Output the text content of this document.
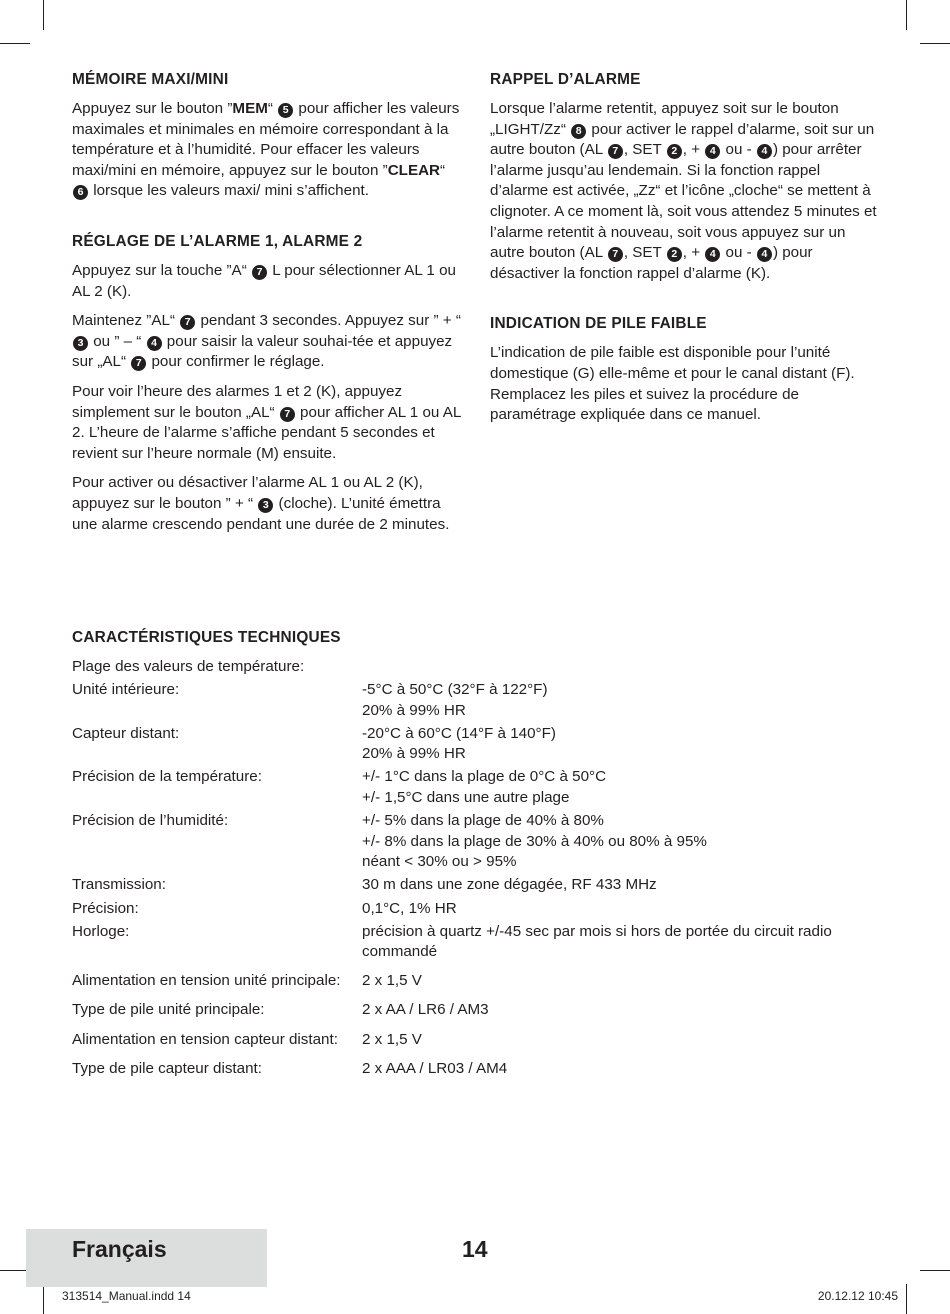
MÉMOIRE MAXI/MINI

Appuyez sur le bouton ”MEM“ 5 pour afficher les valeurs maximales et minimales en mémoire correspondant à la température et à l’humidité. Pour effacer les valeurs maxi/mini en mémoire, appuyez sur le bouton ”CLEAR“ 6 lorsque les valeurs maxi/ mini s’affichent.

RÉGLAGE DE L’ALARME 1, ALARME 2

Appuyez sur la touche ”A“ 7 L pour sélectionner AL 1 ou AL 2 (K).

Maintenez ”AL“ 7 pendant 3 secondes. Appuyez sur ” + “ 3 ou ” – “ 4 pour saisir la valeur souhai-tée et appuyez sur „AL“ 7 pour confirmer le réglage.

Pour voir l’heure des alarmes 1 et 2 (K), appuyez simplement sur le bouton „AL“ 7 pour afficher AL 1 ou AL 2. L’heure de l’alarme s’affiche pendant 5 secondes et revient sur l’heure normale (M) ensuite.

Pour activer ou désactiver l’alarme AL 1 ou AL 2 (K), appuyez sur le bouton ” + “ 3 (cloche). L’unité émettra une alarme crescendo pendant une durée de 2 minutes.

RAPPEL D’ALARME

Lorsque l’alarme retentit, appuyez soit sur le bouton „LIGHT/Zz“ 8 pour activer le rappel d’alarme, soit sur un autre bouton (AL 7 , SET 2 , + 4 ou - 4 ) pour arrêter l’alarme jusqu’au lendemain. Si la fonction rappel d’alarme est activée, „Zz“ et l’icône „cloche“ se mettent à clignoter. A ce moment là, soit vous attendez 5 minutes et l’alarme retentit à nouveau, soit vous appuyez sur un autre bouton (AL 7 , SET 2 , + 4 ou - 4 ) pour désactiver la fonction rappel d’alarme (K).

INDICATION DE PILE FAIBLE

L’indication de pile faible est disponible pour l’unité domestique (G) elle-même et pour le canal distant (F). Remplacez les piles et suivez la procédure de paramétrage expliquée dans ce manuel.

CARACTÉRISTIQUES TECHNIQUES
Plage des valeurs de température:

Unité intérieure:	-5°C à 50°C (32°F à 122°F)
20% à 99% HR
Capteur distant:	-20°C à 60°C (14°F à 140°F)
20% à 99% HR
Précision de la température:	+/- 1°C dans la plage de 0°C à 50°C
+/- 1,5°C dans une autre plage
Précision de l’humidité:	+/- 5% dans la plage de 40% à 80%
+/- 8% dans la plage de 30% à 40% ou 80% à 95%
néant < 30% ou > 95%
Transmission:	30 m dans une zone dégagée, RF 433 MHz
Précision:	0,1°C, 1% HR
Horloge:	précision à quartz +/-45 sec par mois si hors de portée du circuit radio
commandé
Alimentation en tension unité principale:	2 x 1,5 V
Type de pile unité principale:	2 x AA / LR6 / AM3
Alimentation en tension capteur distant:	2 x 1,5 V
Type de pile capteur distant:	2 x AAA / LR03 / AM4
Français	14
313514_Manual.indd 14	20.12.12 10:45
